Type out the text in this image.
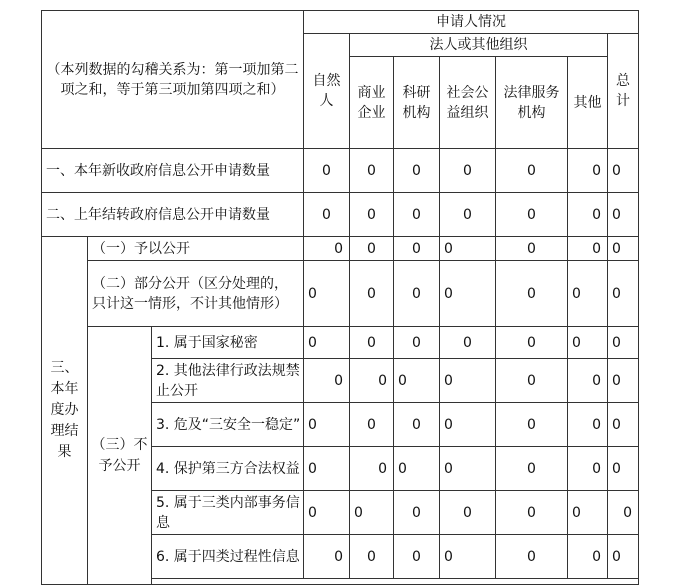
（本列数据的勾稽关系为：第一项加第二项之和，等于第三项加第四项之和）			申请人情况						
			自然人	法人或其他组织					总计
				商业企业	科研机构	社会公益组织	法律服务机构	其他	
一、本年新收政府信息公开申请数量			0	0	0	0	0	0	0
二、上年结转政府信息公开申请数量			0	0	0	0	0	0	0
三、本年度办理结果	（一）予以公开		0	0	0	0	0	0	0
	（二）部分公开（区分处理的，只计这一情形，不计其他情形）		0	0	0	0	0	0	0
	（三）不予公开	1. 属于国家秘密	0	0	0	0	0	0	0
		2. 其他法律行政法规禁止公开	0	0	0	0	0	0	0
		3. 危及“三安全一稳定”	0	0	0	0	0	0	0
		4. 保护第三方合法权益	0	0	0	0	0	0	0
		5. 属于三类内部事务信息	0	0	0	0	0	0	0
		6. 属于四类过程性信息	0	0	0	0	0	0	0
